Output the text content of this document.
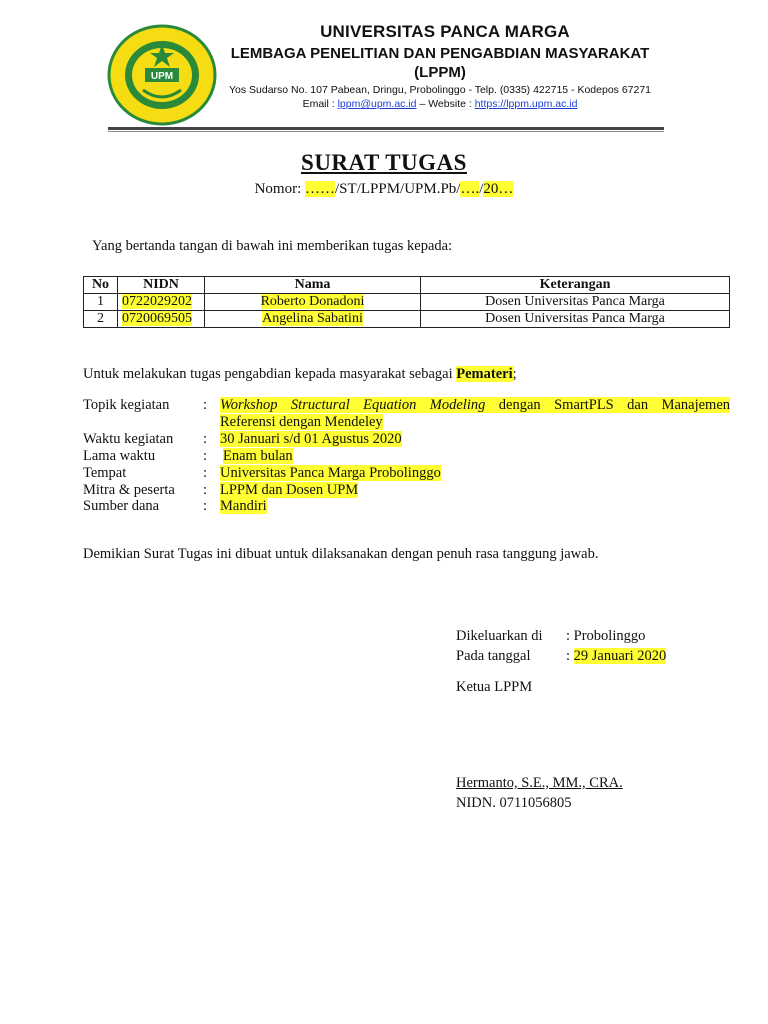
UPM
UNIVERSITAS PANCA MARGA
LEMBAGA PENELITIAN DAN PENGABDIAN MASYARAKAT
(LPPM)
Yos Sudarso No. 107 Pabean, Dringu, Probolinggo - Telp. (0335) 422715 - Kodepos 67271
Email : lppm@upm.ac.id – Website : https://lppm.upm.ac.id
SURAT TUGAS
Nomor: ……/ST/LPPM/UPM.Pb/…./20…
Yang bertanda tangan di bawah ini memberikan tugas kepada:
No	NIDN	Nama	Keterangan
1	0722029202	Roberto Donadoni	Dosen Universitas Panca Marga
2	0720069505	Angelina Sabatini	Dosen Universitas Panca Marga
Untuk melakukan tugas pengabdian kepada masyarakat sebagai Pemateri;
Topik kegiatan	: Workshop Structural Equation Modeling dengan SmartPLS dan Manajemen
Referensi dengan Mendeley
Waktu kegiatan	: 30 Januari s/d 01 Agustus 2020
Lama waktu	: Enam bulan
Tempat	: Universitas Panca Marga Probolinggo
Mitra & peserta	: LPPM dan Dosen UPM
Sumber dana	: Mandiri
Demikian Surat Tugas ini dibuat untuk dilaksanakan dengan penuh rasa tanggung jawab.
Dikeluarkan di : Probolinggo
Pada tanggal : 29 Januari 2020
Ketua LPPM
Hermanto, S.E., MM., CRA.
NIDN. 0711056805
